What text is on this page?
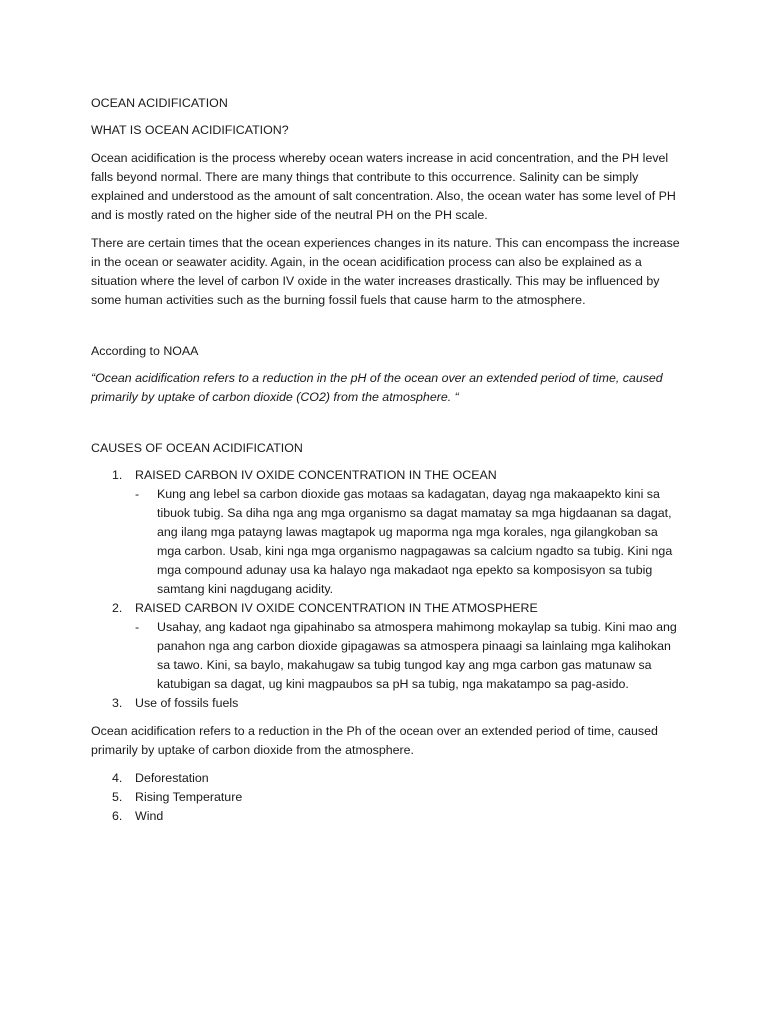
OCEAN ACIDIFICATION

WHAT IS OCEAN ACIDIFICATION?

Ocean acidification is the process whereby ocean waters increase in acid concentration, and the PH level falls beyond normal. There are many things that contribute to this occurrence. Salinity can be simply explained and understood as the amount of salt concentration. Also, the ocean water has some level of PH and is mostly rated on the higher side of the neutral PH on the PH scale.

There are certain times that the ocean experiences changes in its nature. This can encompass the increase in the ocean or seawater acidity. Again, in the ocean acidification process can also be explained as a situation where the level of carbon IV oxide in the water increases drastically. This may be influenced by some human activities such as the burning fossil fuels that cause harm to the atmosphere.

According to NOAA

“Ocean acidification refers to a reduction in the pH of the ocean over an extended period of time, caused primarily by uptake of carbon dioxide (CO2) from the atmosphere. “

CAUSES OF OCEAN ACIDIFICATION

1. RAISED CARBON IV OXIDE CONCENTRATION IN THE OCEAN
- Kung ang lebel sa carbon dioxide gas motaas sa kadagatan, dayag nga makaapekto kini sa tibuok tubig. Sa diha nga ang mga organismo sa dagat mamatay sa mga higdaanan sa dagat, ang ilang mga patayng lawas magtapok ug maporma nga mga korales, nga gilangkoban sa mga carbon. Usab, kini nga mga organismo nagpagawas sa calcium ngadto sa tubig. Kini nga mga compound adunay usa ka halayo nga makadaot nga epekto sa komposisyon sa tubig samtang kini nagdugang acidity.
2. RAISED CARBON IV OXIDE CONCENTRATION IN THE ATMOSPHERE
- Usahay, ang kadaot nga gipahinabo sa atmospera mahimong mokaylap sa tubig. Kini mao ang panahon nga ang carbon dioxide gipagawas sa atmospera pinaagi sa lainlaing mga kalihokan sa tawo. Kini, sa baylo, makahugaw sa tubig tungod kay ang mga carbon gas matunaw sa katubigan sa dagat, ug kini magpaubos sa pH sa tubig, nga makatampo sa pag-asido.
3. Use of fossils fuels

Ocean acidification refers to a reduction in the Ph of the ocean over an extended period of time, caused primarily by uptake of carbon dioxide from the atmosphere.

4. Deforestation
5. Rising Temperature
6. Wind
